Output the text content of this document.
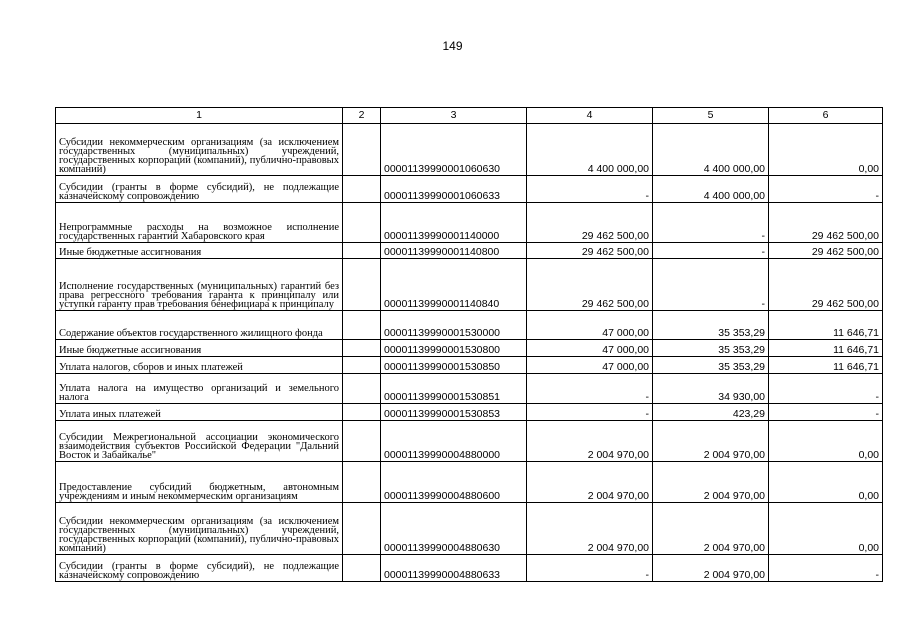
149
1	2	3	4	5	6
Субсидии некоммерческим организациям (за исключением государственных (муниципальных) учреждений, государственных корпораций (компаний), публично-правовых компаний)		00001139990001060630	4 400 000,00	4 400 000,00	0,00
Субсидии (гранты в форме субсидий), не подлежащие казначейскому сопровождению		00001139990001060633	-	4 400 000,00	-
Непрограммные расходы на возможное исполнение государственных гарантий Хабаровского края		00001139990001140000	29 462 500,00	-	29 462 500,00
Иные бюджетные ассигнования		00001139990001140800	29 462 500,00	-	29 462 500,00
Исполнение государственных (муниципальных) гарантий без права регрессного требования гаранта к принципалу или уступки гаранту прав требования бенефициара к принципалу		00001139990001140840	29 462 500,00	-	29 462 500,00
Содержание объектов государственного жилищного фонда		00001139990001530000	47 000,00	35 353,29	11 646,71
Иные бюджетные ассигнования		00001139990001530800	47 000,00	35 353,29	11 646,71
Уплата налогов, сборов и иных платежей		00001139990001530850	47 000,00	35 353,29	11 646,71
Уплата налога на имущество организаций и земельного налога		00001139990001530851	-	34 930,00	-
Уплата иных платежей		00001139990001530853	-	423,29	-
Субсидии Межрегиональной ассоциации экономического взаимодействия субъектов Российской Федерации "Дальний Восток и Забайкалье"		00001139990004880000	2 004 970,00	2 004 970,00	0,00
Предоставление субсидий бюджетным, автономным учреждениям и иным некоммерческим организациям		00001139990004880600	2 004 970,00	2 004 970,00	0,00
Субсидии некоммерческим организациям (за исключением государственных (муниципальных) учреждений, государственных корпораций (компаний), публично-правовых компаний)		00001139990004880630	2 004 970,00	2 004 970,00	0,00
Субсидии (гранты в форме субсидий), не подлежащие казначейскому сопровождению		00001139990004880633	-	2 004 970,00	-
